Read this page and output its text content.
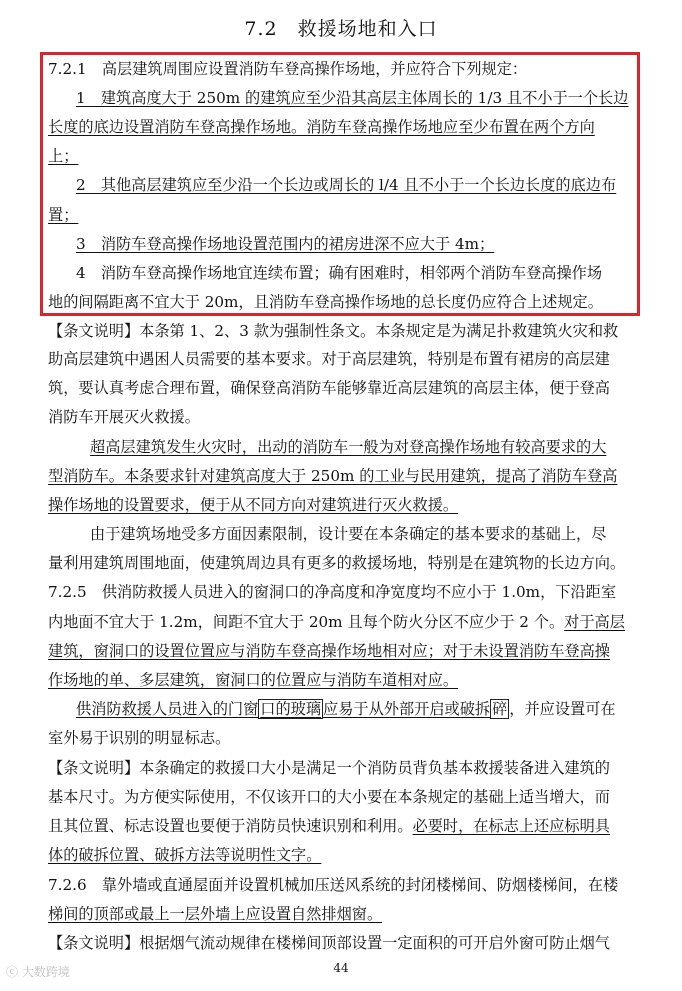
7.2　救援场地和入口
7.2.1　高层建筑周围应设置消防车登高操作场地，并应符合下列规定：
1　建筑高度大于 250m 的建筑应至少沿其高层主体周长的 1/3 且不小于一个长边
长度的底边设置消防车登高操作场地。消防车登高操作场地应至少布置在两个方向
上；
2　其他高层建筑应至少沿一个长边或周长的 l/4 且不小于一个长边长度的底边布
置；
3　消防车登高操作场地设置范围内的裙房进深不应大于 4m；
4　消防车登高操作场地宜连续布置；确有困难时，相邻两个消防车登高操作场
地的间隔距离不宜大于 20m，且消防车登高操作场地的总长度仍应符合上述规定。
【条文说明】本条第 1、2、3 款为强制性条文。本条规定是为满足扑救建筑火灾和救
助高层建筑中遇困人员需要的基本要求。对于高层建筑，特别是布置有裙房的高层建
筑，要认真考虑合理布置，确保登高消防车能够靠近高层建筑的高层主体，便于登高
消防车开展灭火救援。
超高层建筑发生火灾时，出动的消防车一般为对登高操作场地有较高要求的大
型消防车。本条要求针对建筑高度大于 250m 的工业与民用建筑，提高了消防车登高
操作场地的设置要求，便于从不同方向对建筑进行灭火救援。
由于建筑场地受多方面因素限制，设计要在本条确定的基本要求的基础上，尽
量利用建筑周围地面，使建筑周边具有更多的救援场地，特别是在建筑物的长边方向。
7.2.5　供消防救援人员进入的窗洞口的净高度和净宽度均不应小于 1.0m，下沿距室
内地面不宜大于 1.2m，间距不宜大于 20m 且每个防火分区不应少于 2 个。对于高层
建筑，窗洞口的设置位置应与消防车登高操作场地相对应；对于未设置消防车登高操
作场地的单、多层建筑，窗洞口的位置应与消防车道相对应。
供消防救援人员进入的门窗 口的玻璃 应易于从外部开启或破拆 碎 ，并应设置可在
室外易于识别的明显标志。
【条文说明】本条确定的救援口大小是满足一个消防员背负基本救援装备进入建筑的
基本尺寸。为方便实际使用，不仅该开口的大小要在本条规定的基础上适当增大，而
且其位置、标志设置也要便于消防员快速识别和利用。必要时，在标志上还应标明具
体的破拆位置、破拆方法等说明性文字。
7.2.6　靠外墙或直通屋面并设置机械加压送风系统的封闭楼梯间、防烟楼梯间，在楼
梯间的顶部或最上一层外墙上应设置自然排烟窗。
【条文说明】根据烟气流动规律在楼梯间顶部设置一定面积的可开启外窗可防止烟气
44
ⓒ 大数跨境
